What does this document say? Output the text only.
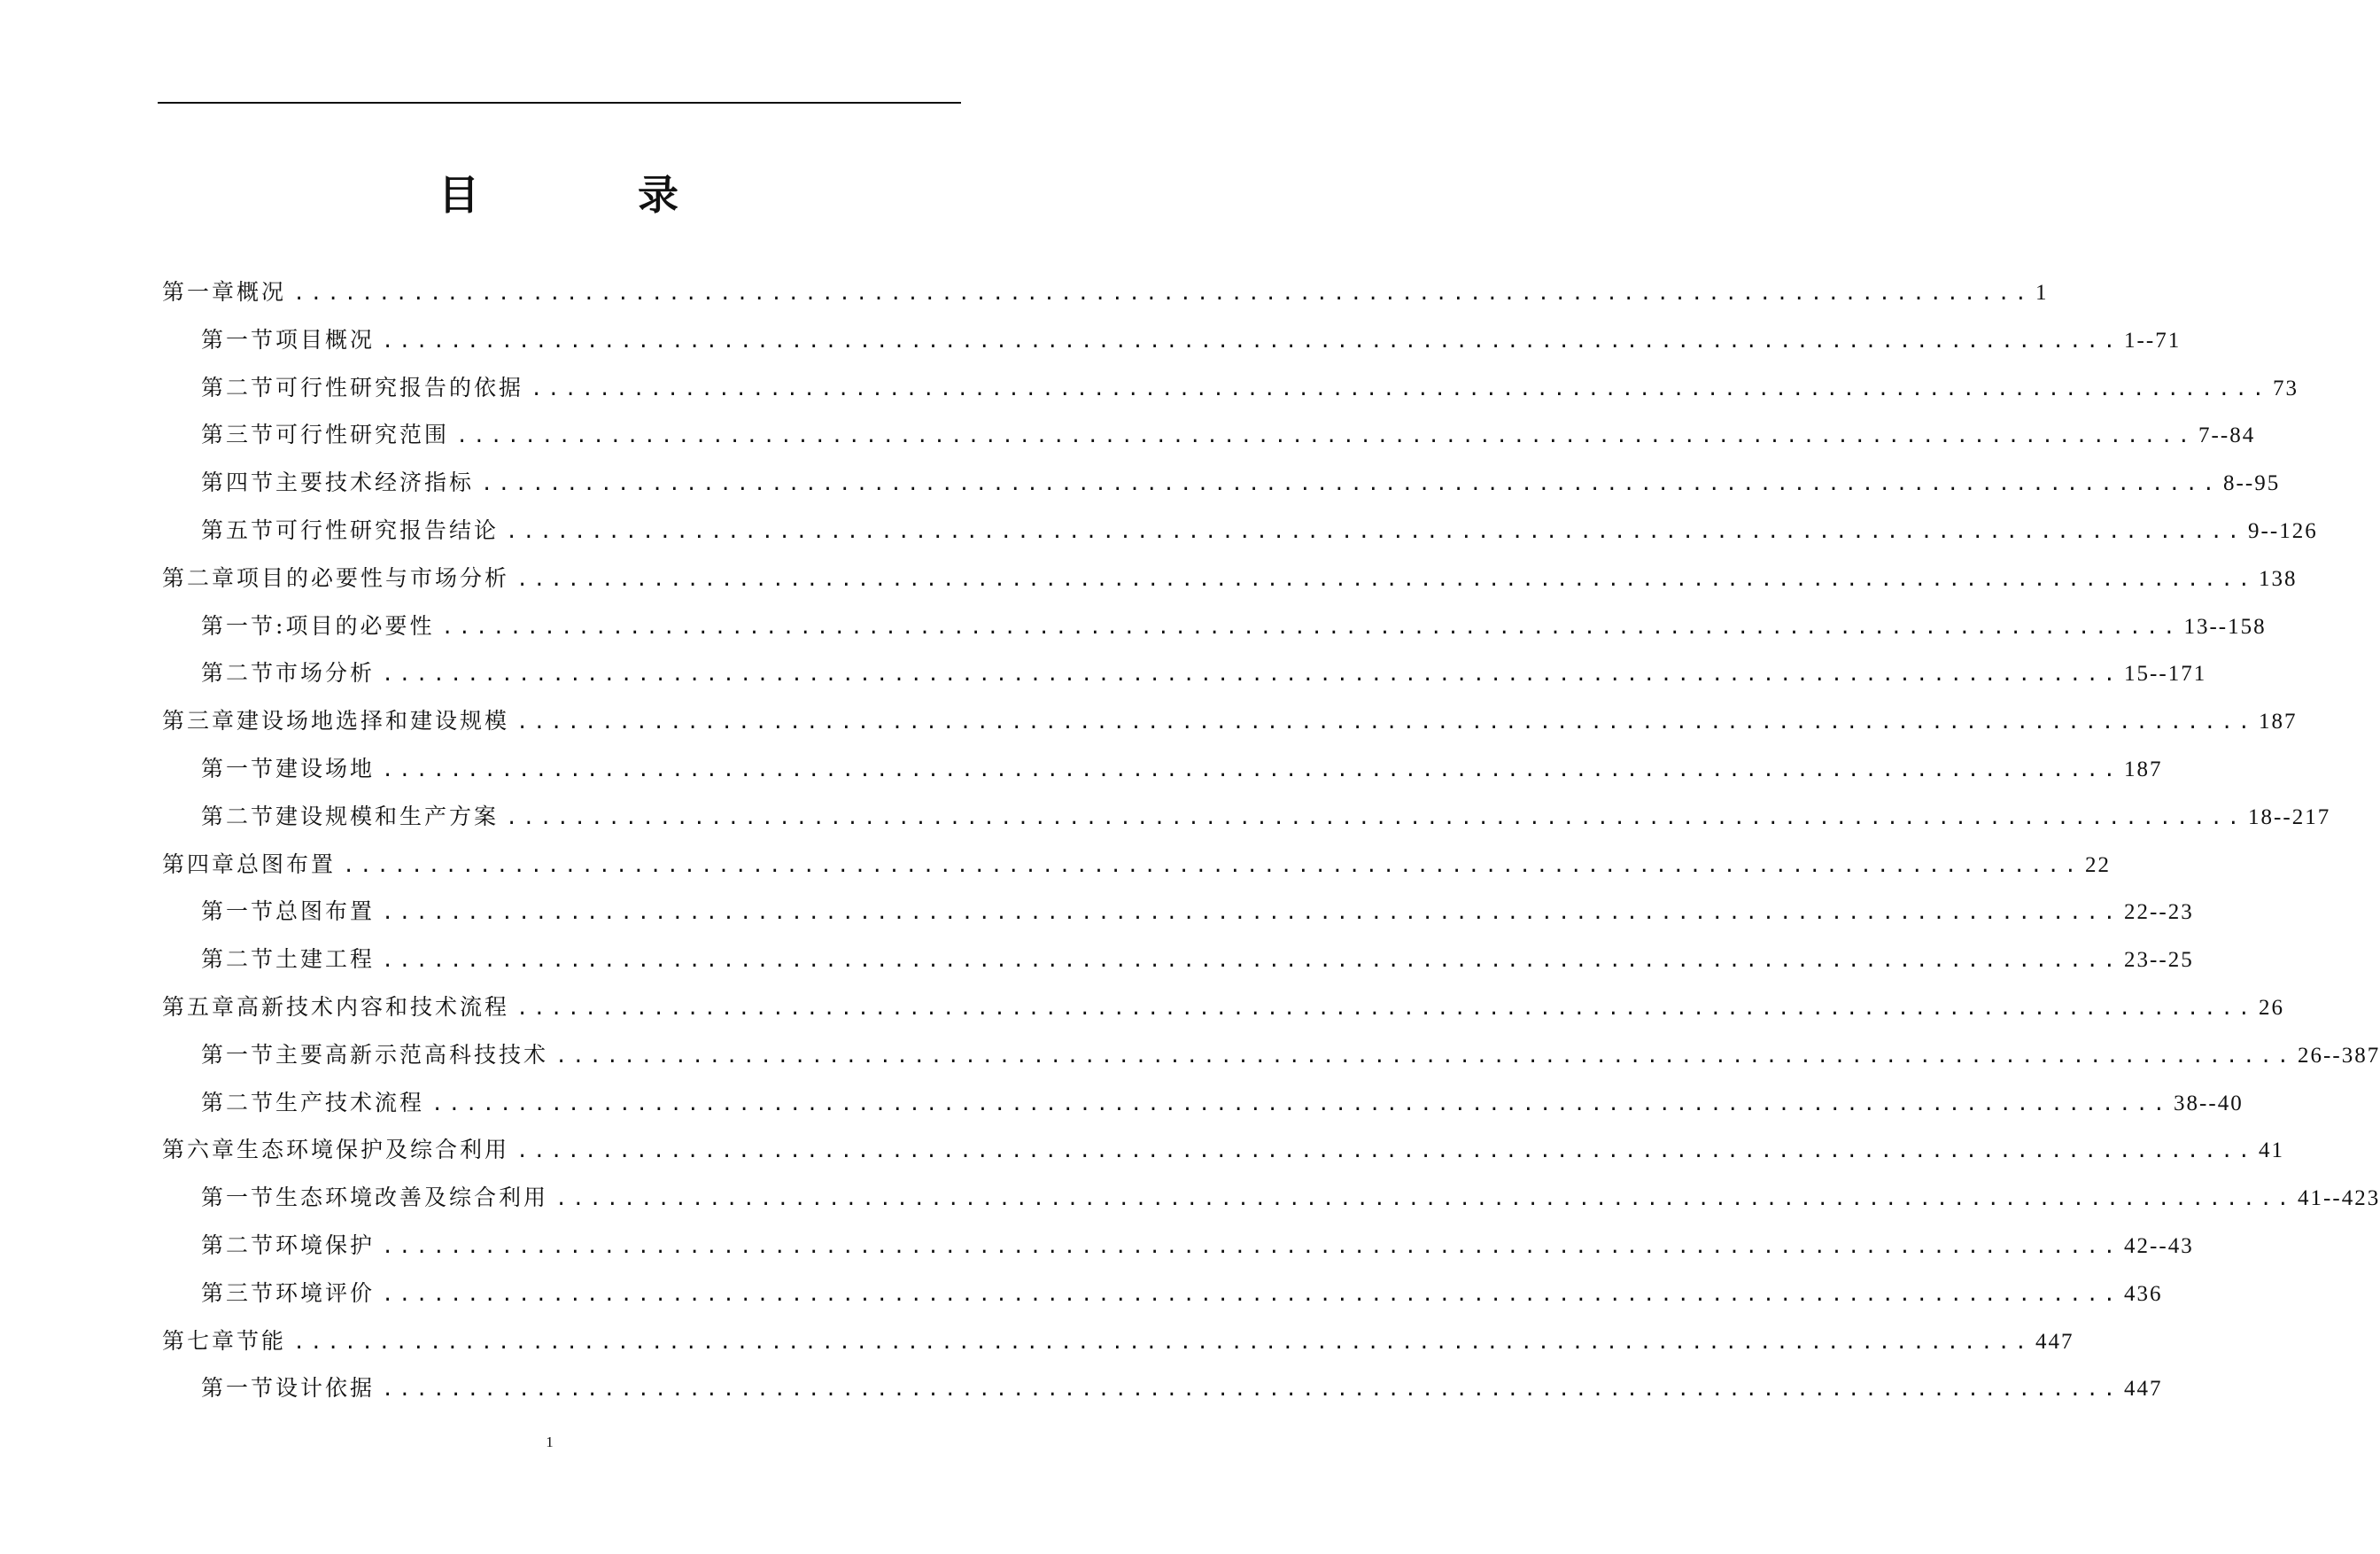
目	录
第一章 概况 ...................................................................................................... 1
第一节 项目概况 ...................................................................................................... 1--71
第二节 可行性研究报告的依据 ...................................................................................................... 73
第三节 可行性研究范围 ...................................................................................................... 7--84
第四节 主要技术经济指标 ...................................................................................................... 8--95
第五节 可行性研究报告结论 ...................................................................................................... 9--126
第二章 项目的必要性与市场分析 ...................................................................................................... 138
第一节: 项目的必要性 ...................................................................................................... 13--158
第二节 市场分析 ...................................................................................................... 15--171
第三章 建设场地选择和建设规模 ...................................................................................................... 187
第一节 建设场地 ...................................................................................................... 187
第二节 建设规模和生产方案 ...................................................................................................... 18--217
第四章 总图布置 ...................................................................................................... 22
第一节 总图布置 ...................................................................................................... 22--23
第二节 土建工程 ...................................................................................................... 23--25
第五章 高新技术内容和技术流程 ...................................................................................................... 26
第一节 主要高新示范高科技技术 ...................................................................................................... 26--387
第二节 生产技术流程 ...................................................................................................... 38--40
第六章 生态环境保护及综合利用 ...................................................................................................... 41
第一节 生态环境改善及综合利用 ...................................................................................................... 41--423
第二节 环境保护 ...................................................................................................... 42--43
第三节 环境评价 ...................................................................................................... 436
第七章 节能 ...................................................................................................... 447
第一节 设计依据 ...................................................................................................... 447
1
